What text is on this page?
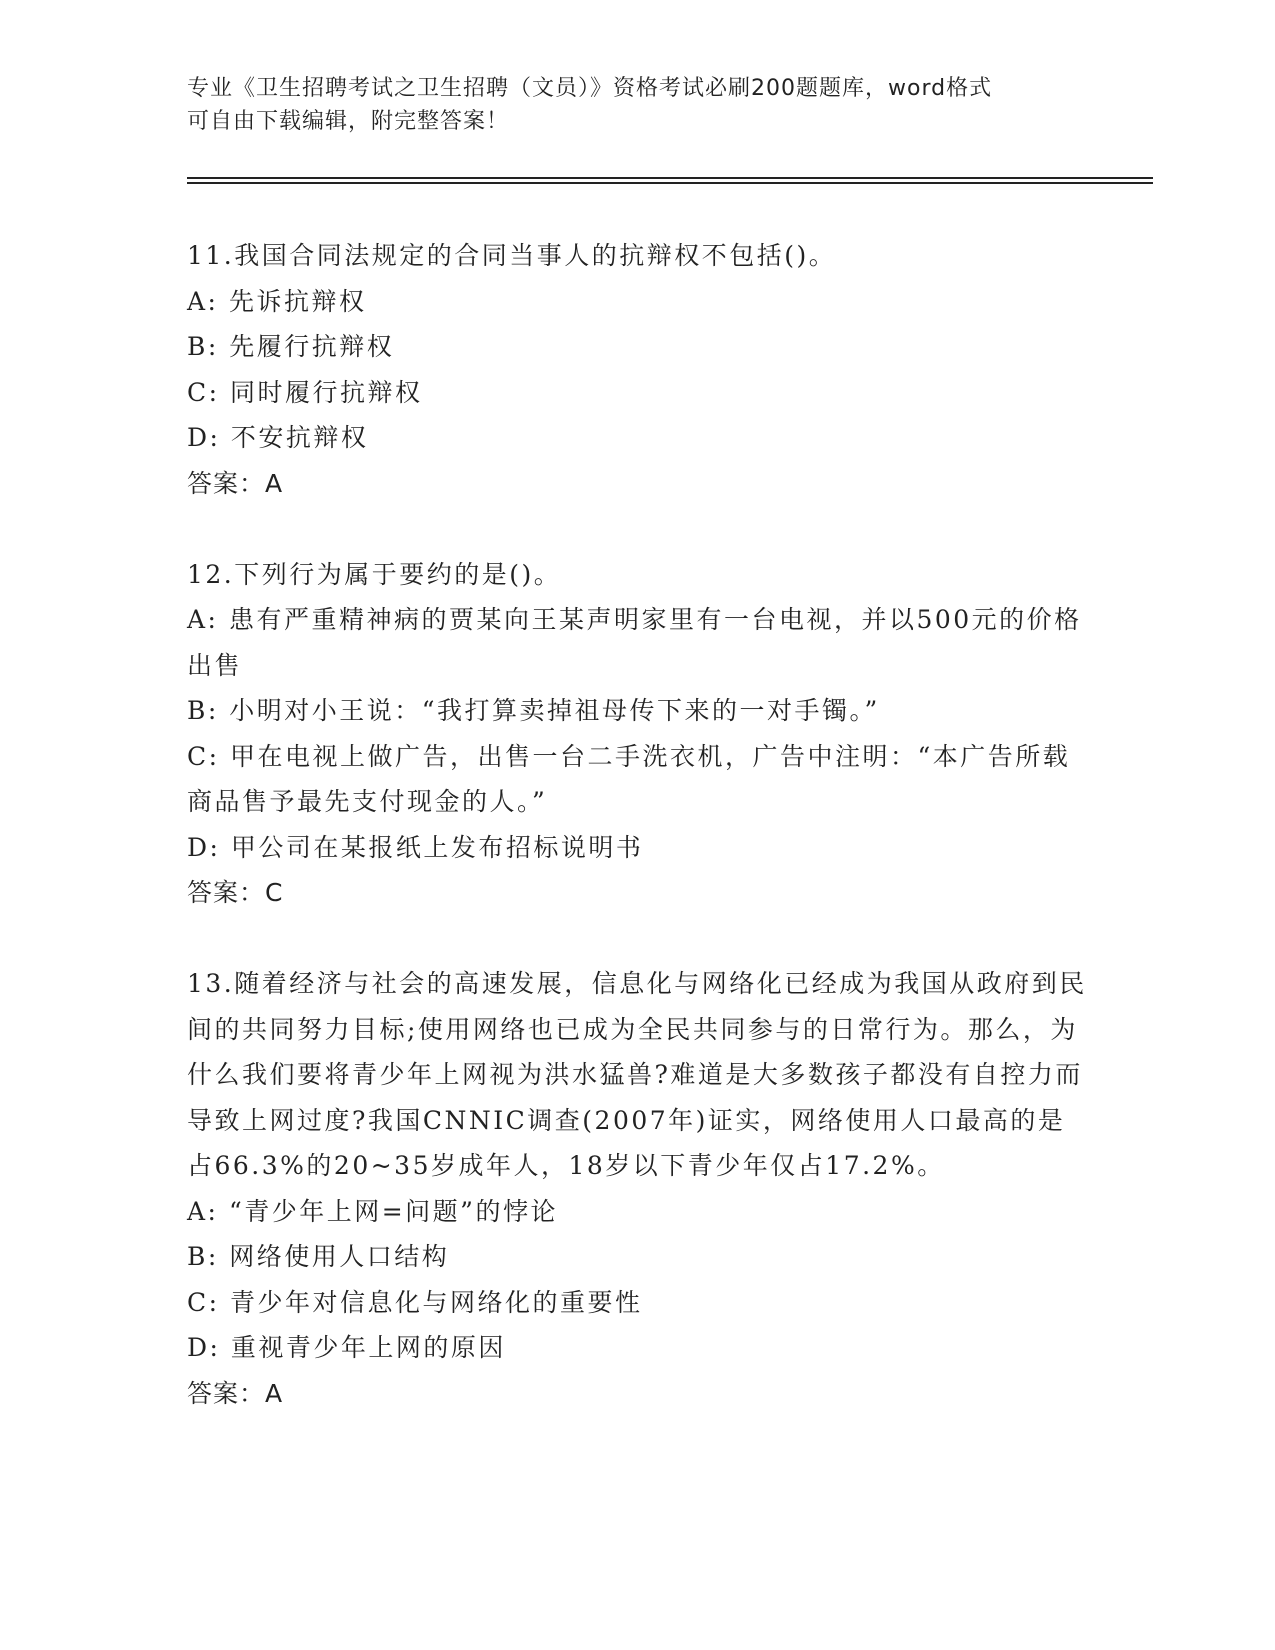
专业《卫生招聘考试之卫生招聘（文员）》资格考试必刷200题题库，word格式
可自由下载编辑，附完整答案！
11.我国合同法规定的合同当事人的抗辩权不包括()。
A: 先诉抗辩权
B: 先履行抗辩权
C: 同时履行抗辩权
D: 不安抗辩权
答案：A
12.下列行为属于要约的是()。
A: 患有严重精神病的贾某向王某声明家里有一台电视，并以500元的价格出售
B: 小明对小王说：“我打算卖掉祖母传下来的一对手镯。”
C: 甲在电视上做广告，出售一台二手洗衣机，广告中注明：“本广告所载商品售予最先支付现金的人。”
D: 甲公司在某报纸上发布招标说明书
答案：C
13.随着经济与社会的高速发展，信息化与网络化已经成为我国从政府到民间的共同努力目标;使用网络也已成为全民共同参与的日常行为。那么，为什么我们要将青少年上网视为洪水猛兽?难道是大多数孩子都没有自控力而导致上网过度?我国CNNIC调查(2007年)证实，网络使用人口最高的是占66.3%的20~35岁成年人，18岁以下青少年仅占17.2%。
A: “青少年上网=问题”的悖论
B: 网络使用人口结构
C: 青少年对信息化与网络化的重要性
D: 重视青少年上网的原因
答案：A
